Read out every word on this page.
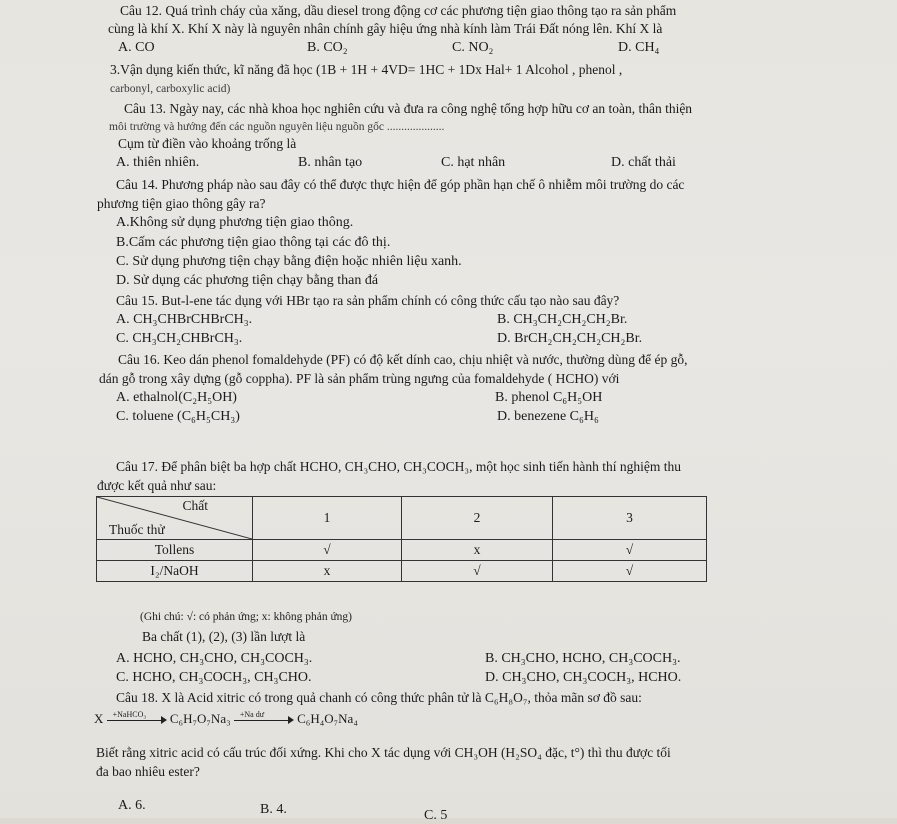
Câu 12. Quá trình cháy của xăng, dầu diesel trong động cơ các phương tiện giao thông tạo ra sản phẩm
cùng là khí X. Khí X này là nguyên nhân chính gây hiệu ứng nhà kính làm Trái Đất nóng lên. Khí X là
A. CO	B. CO₂	C. NO₂	D. CH₄
3.Vận dụng kiến thức, kĩ năng đã học (1B + 1H + 4VD= 1HC + 1Dx Hal+ 1 Alcohol , phenol ,
carbonyl, carboxylic acid)
Câu 13. Ngày nay, các nhà khoa học nghiên cứu và đưa ra công nghệ tổng hợp hữu cơ an toàn, thân thiện
môi trường và hướng đến các nguồn nguyên liệu nguồn gốc ....................
Cụm từ điền vào khoảng trống là
A. thiên nhiên.	B. nhân tạo	C. hạt nhân	D. chất thải
Câu 14. Phương pháp nào sau đây có thể được thực hiện để góp phần hạn chế ô nhiễm môi trường do các
phương tiện giao thông gây ra?
A.Không sử dụng phương tiện giao thông.
B.Cấm các phương tiện giao thông tại các đô thị.
C. Sử dụng phương tiện chạy bằng điện hoặc nhiên liệu xanh.
D. Sử dụng các phương tiện chạy bằng than đá
Câu 15. But-l-ene tác dụng với HBr tạo ra sản phẩm chính có công thức cấu tạo nào sau đây?
A. CH₃CHBrCHBrCH₃.	B. CH₃CH₂CH₂CH₂Br.
C. CH₃CH₂CHBrCH₃.	D. BrCH₂CH₂CH₂CH₂Br.
Câu 16. Keo dán phenol fomaldehyde (PF) có độ kết dính cao, chịu nhiệt và nước, thường dùng để ép gỗ,
dán gỗ trong xây dựng (gỗ coppha). PF là sản phẩm trùng ngưng của fomaldehyde ( HCHO) với
A. ethalnol(C₂H₅OH)	B. phenol C₆H₅OH
C. toluene (C₆H₅CH₃)	D. benezene C₆H₆
Câu 17. Để phân biệt ba hợp chất HCHO, CH₃CHO, CH₃COCH₃, một học sinh tiến hành thí nghiệm thu
được kết quả như sau:
Chất
Thuốc thử	1	2	3
Tollens	√	x	√
I₂/NaOH	x	√	√
(Ghi chú: √: có phản ứng; x: không phản ứng)
Ba chất (1), (2), (3) lần lượt là
A. HCHO, CH₃CHO, CH₃COCH₃.	B. CH₃CHO, HCHO, CH₃COCH₃.
C. HCHO, CH₃COCH₃, CH₃CHO.	D. CH₃CHO, CH₃COCH₃, HCHO.
Câu 18. X là Acid xitric có trong quả chanh có công thức phân tử là C₆H₈O₇, thỏa mãn sơ đồ sau:
X +NaHCO₃ C₆H₇O₇Na₃ +Na dư	C₆H₄O₇Na₄
Biết rằng xitric acid có cấu trúc đối xứng. Khi cho X tác dụng với CH₃OH (H₂SO₄ đặc, t°) thì thu được tối
đa bao nhiêu ester?
A. 6.	B. 4.	C. 5
